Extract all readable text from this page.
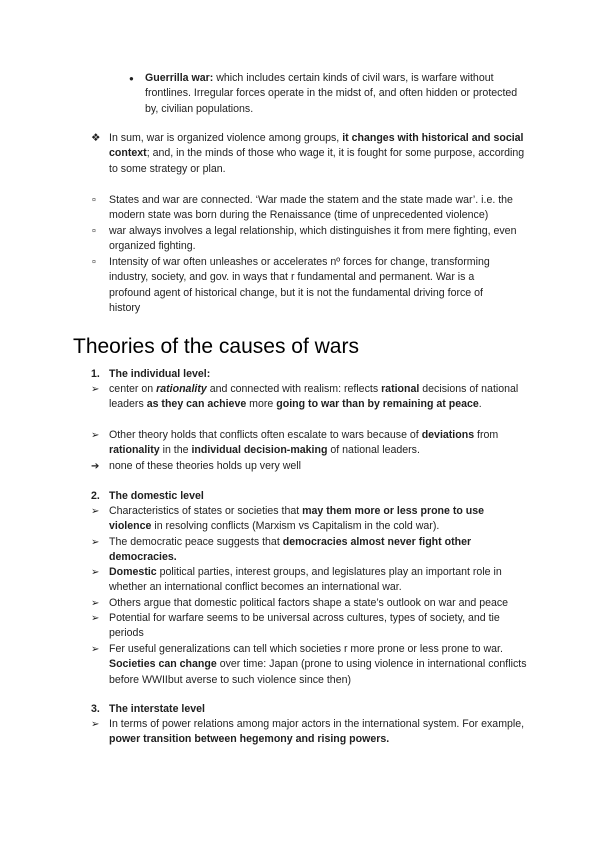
● Guerrilla war: which includes certain kinds of civil wars, is warfare without frontlines. Irregular forces operate in the midst of, and often hidden or protected by, civilian populations.

❖ In sum, war is organized violence among groups, it changes with historical and social context; and, in the minds of those who wage it, it is fought for some purpose, according to some strategy or plan.

¤ States and war are connected. ‘War made the statem and the state made war’. i.e. the modern state was born during the Renaissance (time of unprecedented violence)

¤ war always involves a legal relationship, which distinguishes it from mere fighting, even organized fighting.

¤ Intensity of war often unleashes or accelerates nº forces for change, transforming industry, society, and gov. in ways that r fundamental and permanent. War is a profound agent of historical change, but it is not the fundamental driving force of history

Theories of the causes of wars
1. The individual level:
➢ center on rationality and connected with realism: reflects rational decisions of national leaders as they can achieve more going to war than by remaining at peace.

➢ Other theory holds that conflicts often escalate to wars because of deviations from rationality in the individual decision-making of national leaders.

➔ none of these theories holds up very well

2. The domestic level
➢ Characteristics of states or societies that may them more or less prone to use violence in resolving conflicts (Marxism vs Capitalism in the cold war).

➢ The democratic peace suggests that democracies almost never fight other democracies.

➢ Domestic political parties, interest groups, and legislatures play an important role in whether an international conflict becomes an international war.

➢ Others argue that domestic political factors shape a state’s outlook on war and peace

➢ Potential for warfare seems to be universal across cultures, types of society, and tie periods

➢ Fer useful generalizations can tell which societies r more prone or less prone to war. Societies can change over time: Japan (prone to using violence in international conflicts before WWIIbut averse to such violence since then)

3. The interstate level
➢ In terms of power relations among major actors in the international system. For example, power transition between hegemony and rising powers.
